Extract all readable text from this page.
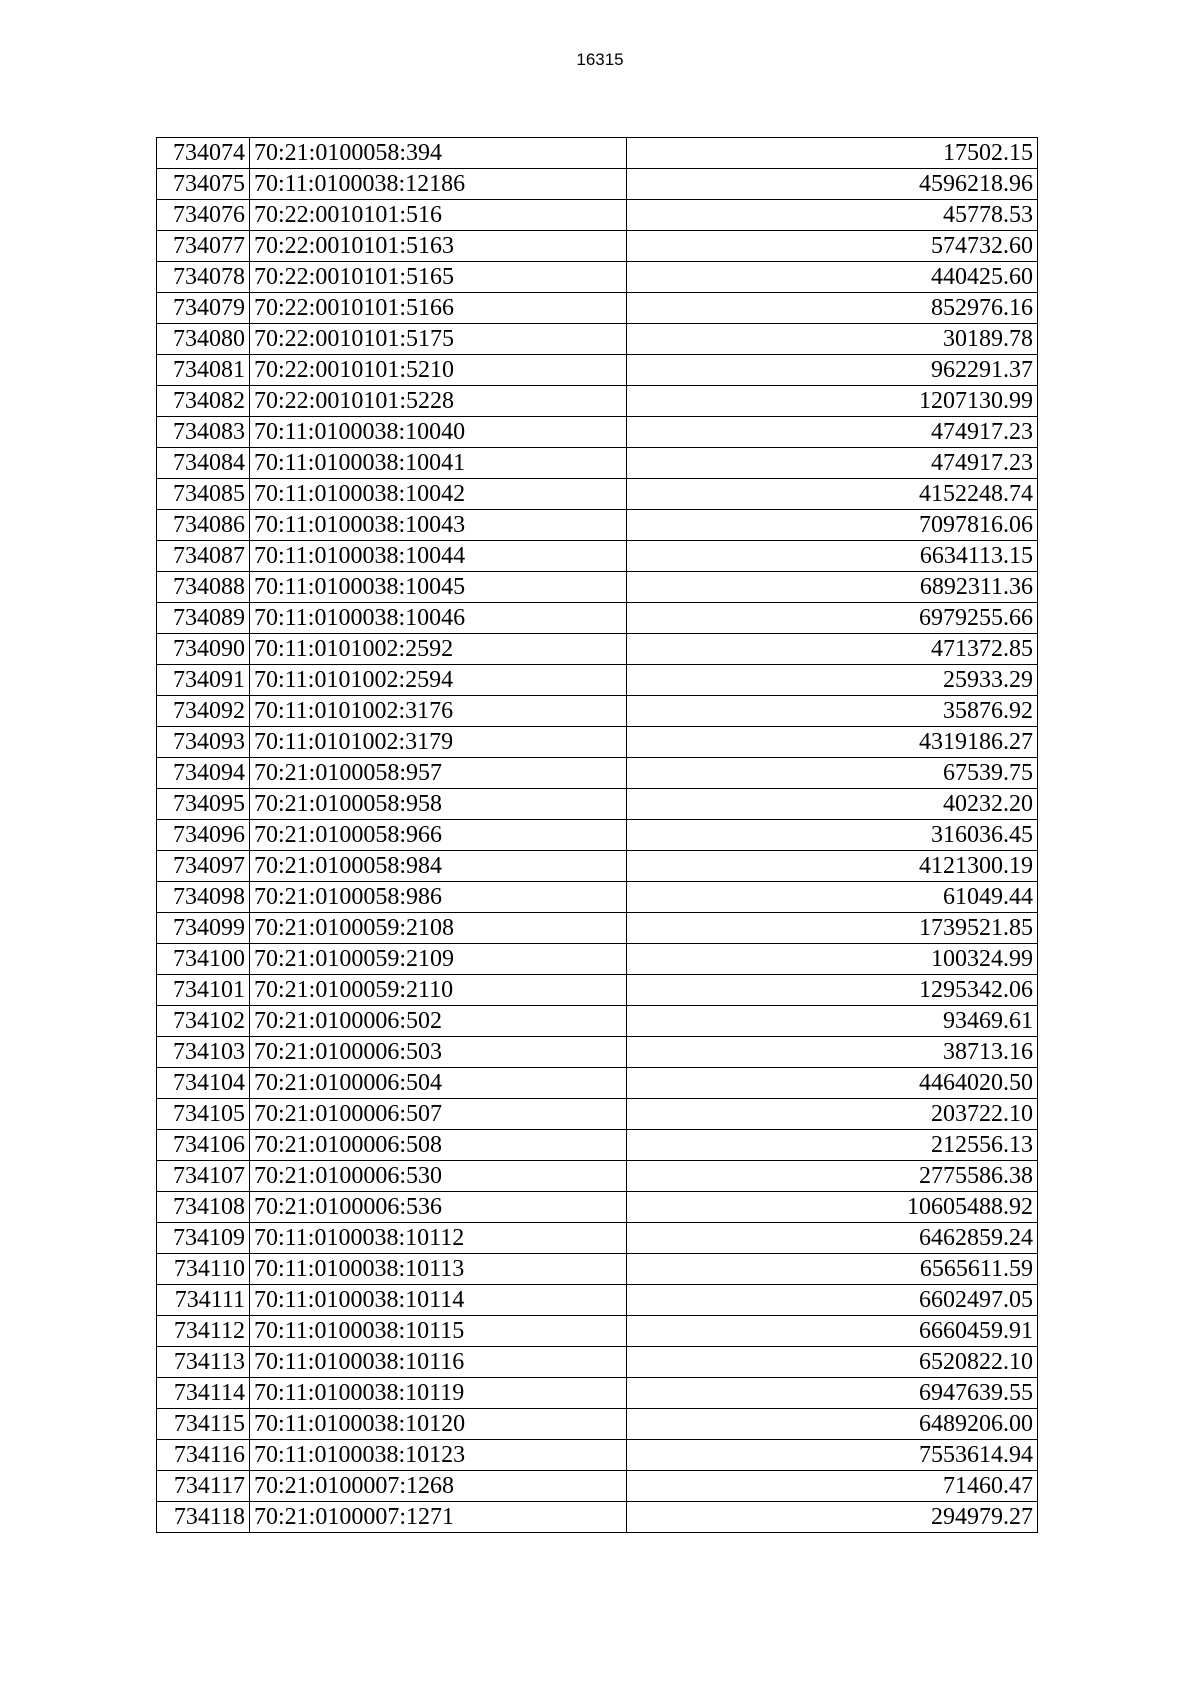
16315
734074	70:21:0100058:394	17502.15
734075	70:11:0100038:12186	4596218.96
734076	70:22:0010101:516	45778.53
734077	70:22:0010101:5163	574732.60
734078	70:22:0010101:5165	440425.60
734079	70:22:0010101:5166	852976.16
734080	70:22:0010101:5175	30189.78
734081	70:22:0010101:5210	962291.37
734082	70:22:0010101:5228	1207130.99
734083	70:11:0100038:10040	474917.23
734084	70:11:0100038:10041	474917.23
734085	70:11:0100038:10042	4152248.74
734086	70:11:0100038:10043	7097816.06
734087	70:11:0100038:10044	6634113.15
734088	70:11:0100038:10045	6892311.36
734089	70:11:0100038:10046	6979255.66
734090	70:11:0101002:2592	471372.85
734091	70:11:0101002:2594	25933.29
734092	70:11:0101002:3176	35876.92
734093	70:11:0101002:3179	4319186.27
734094	70:21:0100058:957	67539.75
734095	70:21:0100058:958	40232.20
734096	70:21:0100058:966	316036.45
734097	70:21:0100058:984	4121300.19
734098	70:21:0100058:986	61049.44
734099	70:21:0100059:2108	1739521.85
734100	70:21:0100059:2109	100324.99
734101	70:21:0100059:2110	1295342.06
734102	70:21:0100006:502	93469.61
734103	70:21:0100006:503	38713.16
734104	70:21:0100006:504	4464020.50
734105	70:21:0100006:507	203722.10
734106	70:21:0100006:508	212556.13
734107	70:21:0100006:530	2775586.38
734108	70:21:0100006:536	10605488.92
734109	70:11:0100038:10112	6462859.24
734110	70:11:0100038:10113	6565611.59
734111	70:11:0100038:10114	6602497.05
734112	70:11:0100038:10115	6660459.91
734113	70:11:0100038:10116	6520822.10
734114	70:11:0100038:10119	6947639.55
734115	70:11:0100038:10120	6489206.00
734116	70:11:0100038:10123	7553614.94
734117	70:21:0100007:1268	71460.47
734118	70:21:0100007:1271	294979.27
